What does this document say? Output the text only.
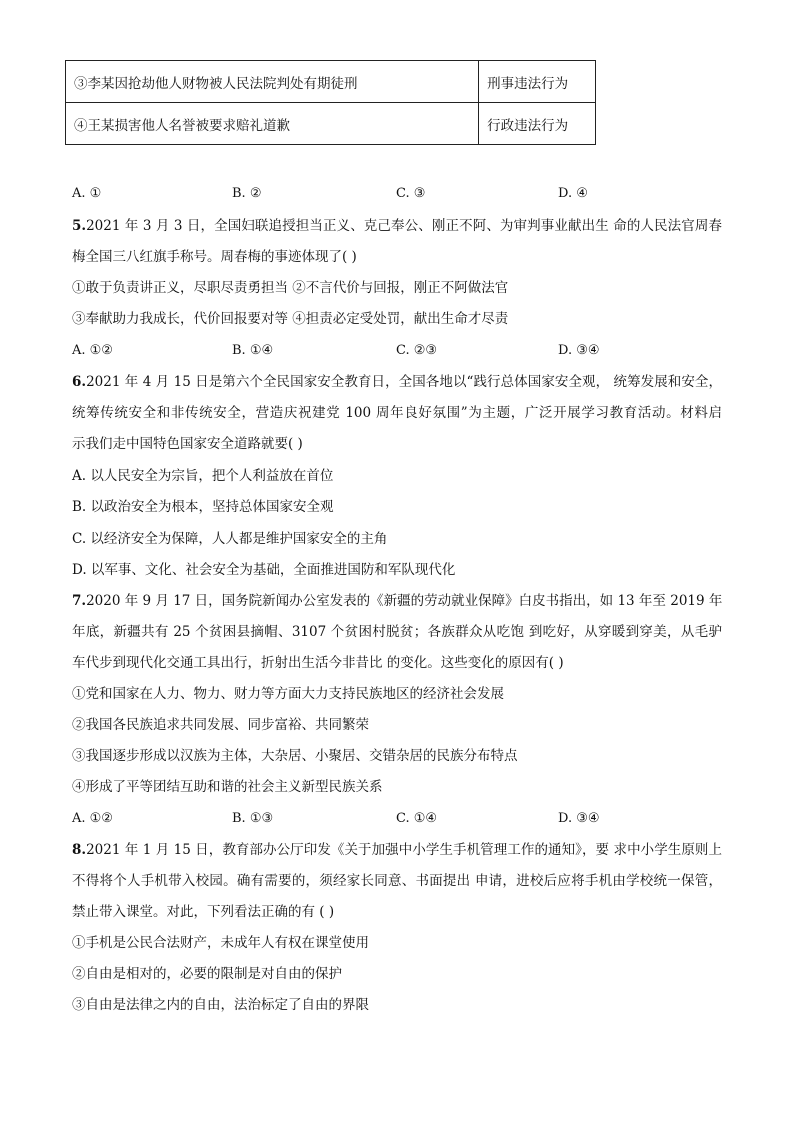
③李某因抢劫他人财物被人民法院判处有期徒刑	刑事违法行为
④王某损害他人名誉被要求赔礼道歉	行政违法行为
A. ①	B. ②	C. ③	D. ④
5.2021 年 3 月 3 日，全国妇联追授担当正义、克己奉公、刚正不阿、为审判事业献出生 命的人民法官周春
梅全国三八红旗手称号。周春梅的事迹体现了( )
①敢于负责讲正义，尽职尽责勇担当 ②不言代价与回报，刚正不阿做法官
③奉献助力我成长，代价回报要对等 ④担责必定受处罚，献出生命才尽责
A. ①②	B. ①④	C. ②③	D. ③④
6.2021 年 4 月 15 日是第六个全民国家安全教育日，全国各地以“践行总体国家安全观， 统筹发展和安全，
统筹传统安全和非传统安全，营造庆祝建党 100 周年良好氛围”为主题，广泛开展学习教育活动。材料启
示我们走中国特色国家安全道路就要( )
A. 以人民安全为宗旨，把个人利益放在首位
B. 以政治安全为根本，坚持总体国家安全观
C. 以经济安全为保障，人人都是维护国家安全的主角
D. 以军事、文化、社会安全为基础，全面推进国防和军队现代化
7.2020 年 9 月 17 日，国务院新闻办公室发表的《新疆的劳动就业保障》白皮书指出，如 13 年至 2019 年
年底，新疆共有 25 个贫困县摘帽、3107 个贫困村脱贫；各族群众从吃饱 到吃好，从穿暖到穿美，从毛驴
车代步到现代化交通工具出行，折射出生活今非昔比 的变化。这些变化的原因有( )
①党和国家在人力、物力、财力等方面大力支持民族地区的经济社会发展
②我国各民族追求共同发展、同步富裕、共同繁荣
③我国逐步形成以汉族为主体，大杂居、小聚居、交错杂居的民族分布特点
④形成了平等团结互助和谐的社会主义新型民族关系
A. ①②	B. ①③	C. ①④	D. ③④
8.2021 年 1 月 15 日，教育部办公厅印发《关于加强中小学生手机管理工作的通知》，要 求中小学生原则上
不得将个人手机带入校园。确有需要的，须经家长同意、书面提出 申请，进校后应将手机由学校统一保管，
禁止带入课堂。对此，下列看法正确的有 ( )
①手机是公民合法财产，未成年人有权在课堂使用
②自由是相对的，必要的限制是对自由的保护
③自由是法律之内的自由，法治标定了自由的界限
